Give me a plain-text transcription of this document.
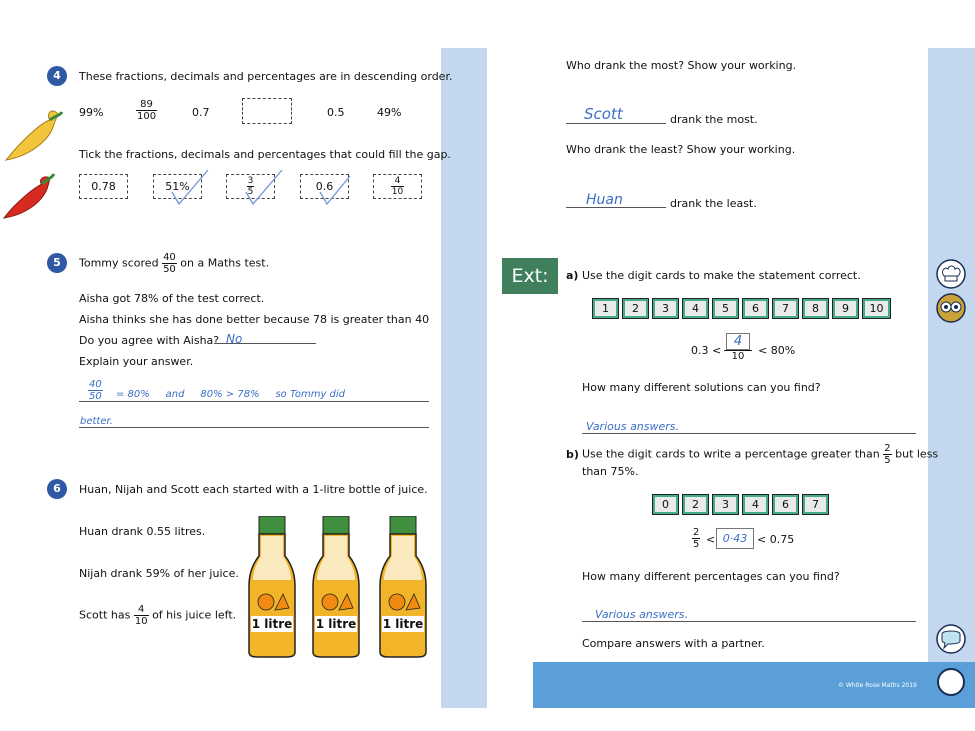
© White Rose Maths 2019
4	These fractions, decimals and percentages are in descending order.
99%	$\frac{89}{100}$	0.7	0.5	49%
Tick the fractions, decimals and percentages that could fill the gap.
0.78	51%	$\frac{3}{5}$	0.6	$\frac{4}{10}$
5	Tommy scored $\frac{40}{50}$ on a Maths test.
Aisha got 78% of the test correct.
Aisha thinks she has done better because 78 is greater than 40
Do you agree with Aisha? No
Explain your answer.
$\frac{40}{50} = 80\%$     and     80% > 78%     so Tommy did
better.
6	Huan, Nijah and Scott each started with a 1-litre bottle of juice.
Huan drank 0.55 litres.
Nijah drank 59% of her juice.
Scott has $\frac{4}{10}$ of his juice left.
1 litre	1 litre	1 litre
Who drank the most? Show your working.
Scott	drank the most.
Who drank the least? Show your working.
Huan	drank the least.
Ext:	a) Use the digit cards to make the statement correct.
1	2	3	4	5	6	7	8	9	10
0.3 <
4
10	< 80%
How many different solutions can you find?
Various answers.
b) Use the digit cards to write a percentage greater than $\frac{2}{5}$ but less
than 75%.
0	2	3	4	6	7
$\frac{2}{5} < 0\cdot 43 < 0.75$
How many different percentages can you find?
Various answers.
Compare answers with a partner.
